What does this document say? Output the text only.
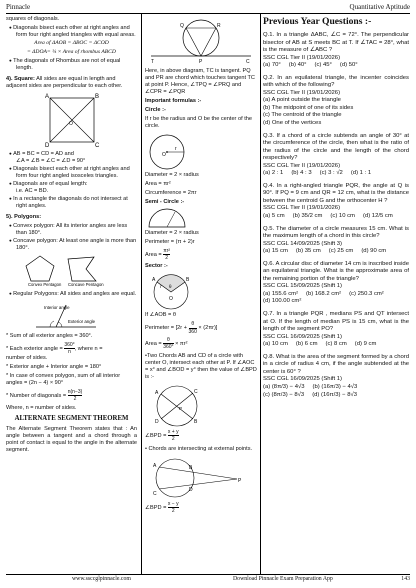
Pinnacle	Quantitative Aptitude

squares of diagonals.

● Diagonals bisect each other at right angles and form four right angled triangles with equal areas.

Area of ΔAOB = ΔBOC = ΔCOD

= ΔDOA= ¼ × Area of rhombus ABCD

● The diagonals of Rhombus are not of equal length.

4). Square: All sides are equal in length and adjacent sides are perpendicular to each other.

A	B
C
D
O

● AB = BC = CD = AD and
∠A = ∠B = ∠C = ∠D = 90°

● Diagonals bisect each other at right angles and form four right angled isosceles triangles.

● Diagonals are of equal length:
i.e. AC = BD.

● In a rectangle the diagonals do not intersect at right angles.

5). Polygons:

● Convex polygon: All its interior angles are less than 180°.

● Concave polygon: At least one angle is more than 180°.

Convex Pentagon Concave Pentagon

● Regular Polygons: All sides and angles are equal.

Interior angle
Exterior angle

* Sum of all exterior angles = 360°.

* Each exterior angle = $\frac{360^\circ}{n}$ , where n =
number of sides.

* Exterior angle + Interior angle = 180°

* In case of convex polygon, sum of all interior angles = (2n − 4) × 90°

* Number of diagonals = $\frac{n(n-3)}{2}$

Where, n = number of sides.

ALTERNATE SEGMENT THEOREM

The Alternate Segment Theorem states that : An angle between a tangent and a chord through a point of contact is equal to the angle in the alternate segment.

Q	R
P
T	C

Here, in above diagram, TC is tangent. PQ and PR are chord which touches tangent TC at point P. Hence, ∠TPQ = ∠PRQ and ∠CPR = ∠PQR

Important formulas :-

Circle :-

If r be the radius and O be the center of the circle.

O
r

Diameter = 2 × radius

Area = πr²

Circumference = 2πr

Semi - Circle :-

Diameter = 2 × radius

Perimeter = (π + 2)r

Area = $\frac{\text{πr²}}{2}$

Sector :-

A	B
O
θ
r

If ∠AOB = θ

Perimeter = $[2r + \frac{\theta}{360} \times (2\pi r)]$

Area = $\frac{\theta}{360^\circ} \times \pi r^2$

•Two Chords AB and CD of a circle with center O, intersect each other at P. If ∠AOC = x° and ∠BOD = y° then the value of ∠BPD is :-

A
B
C
D
P

∠BPD = $\frac{x + y}{2}$

• Chords are intersecting at external points.

A	B
C
D
P

∠BPD = $\frac{x - y}{2}$

Previous Year Questions :-
Q.1. In a triangle ΔABC, ∠C = 72°. The perpendicular bisector of AB at S meets BC at T. If ∠TAC = 28°, what is the measure of ∠ABC ?
SSC CGL Tier II (19/01/2026)
(a) 70° (b) 40° (c) 45° (d) 50°
Q.2. In an equilateral triangle, the incenter coincides with which of the following?
SSC CGL Tier II (19/01/2026)
(a) A point outside the triangle
(b) The midpoint of one of its sides
(c) The centroid of the triangle
(d) One of the vertices
Q.3. If a chord of a circle subtends an angle of 30° at the circumference of the circle, then what is the ratio of the radius of the circle and the length of the chord respectively?
SSC CGL Tier II (19/01/2026)
(a) 2 : 1 (b) 4 : 3 (c) 3 : √2 (d) 1 : 1
Q.4. In a right-angled triangle PQR, the angle at Q is 90°. If PQ = 9 cm and QR = 12 cm, what is the distance between the centroid G and the orthocenter H ?
SSC CGL Tier II (19/01/2026)
(a) 5 cm (b) 35/2 cm (c) 10 cm (d) 12/5 cm
Q.5. The diameter of a circle measures 15 cm. What is the maximum length of a chord in this circle?
SSC CGL 14/09/2025 (Shift 3)
(a) 15 cm (b) 35 cm (c) 25 cm (d) 90 cm
Q.6. A circular disc of diameter 14 cm is inscribed inside an equilateral triangle. What is the approximate area of the remaining portion of the triangle?
SSC CGL 15/09/2025 (Shift 1)
(a) 155.6 cm² (b) 168.2 cm² (c) 250.3 cm²
(d) 100.00 cm²
Q.7. In a triangle PQR , medians PS and QT intersect at O. If the length of median PS is 15 cm, what is the length of the segment PO?
SSC CGL 16/09/2025 (Shift 1)
(a) 10 cm (b) 6 cm (c) 8 cm (d) 9 cm
Q.8. What is the area of the segment formed by a chord in a circle of radius 4 cm, if the angle subtended at the center is 60° ?
SSC CGL 16/09/2025 (Shift 1)
(a) (8π/3) − 4√3 (b) (16π/3) − 4√3
(c) (8π/3) − 8√3 (d) (16π/3) − 8√3
www.ssccglpinnacle.com	Download Pinnacle Exam Preparation App	143
